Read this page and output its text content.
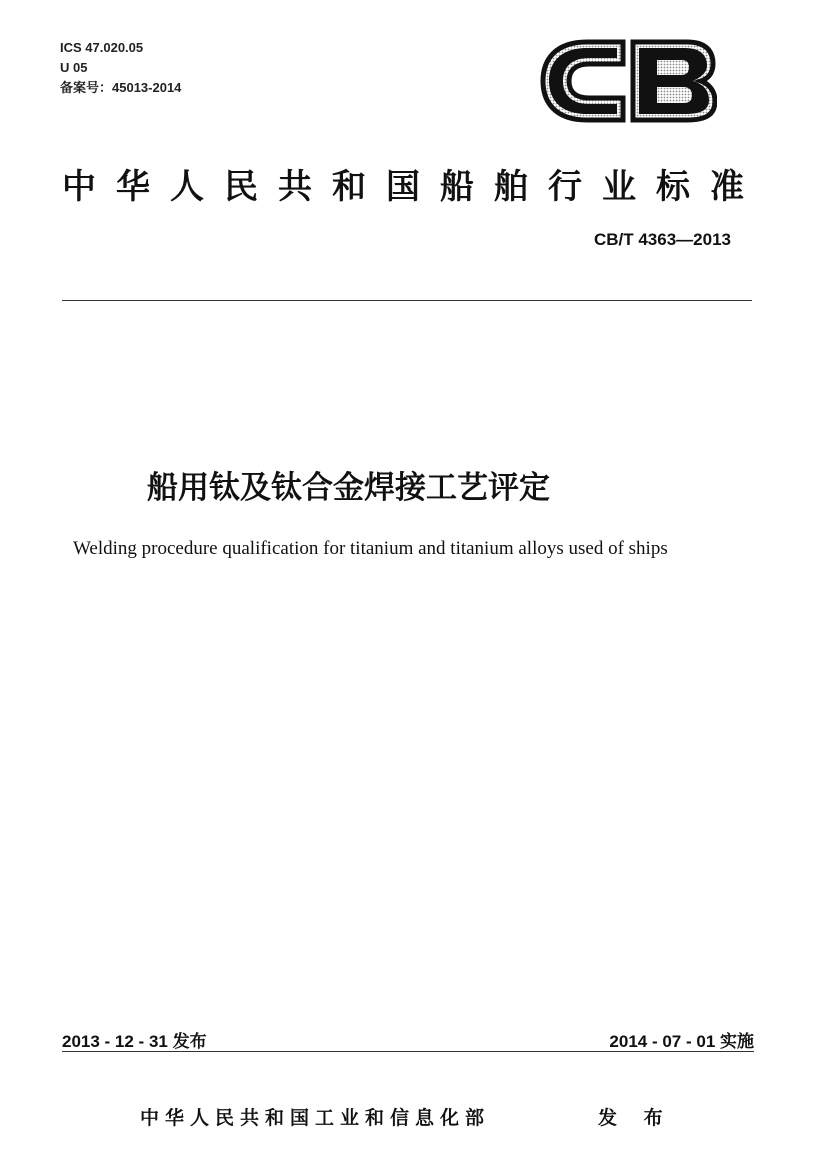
ICS 47.020.05
U 05
备案号：45013-2014
中华人民共和国船舶行业标准
CB/T 4363—2013
船用钛及钛合金焊接工艺评定
Welding procedure qualification for titanium and titanium alloys used of ships
2013 - 12 - 31 发布	2014 - 07 - 01 实施
中华人民共和国工业和信息化部	发 布
